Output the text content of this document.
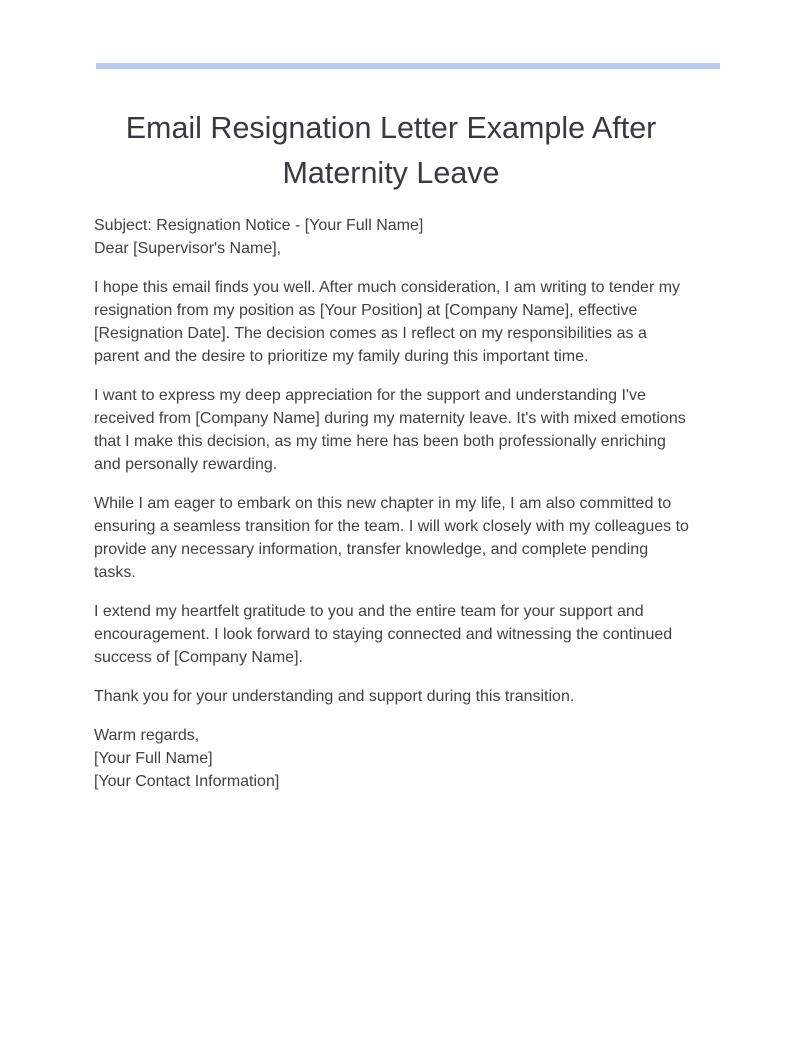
Email Resignation Letter Example After Maternity Leave

Subject: Resignation Notice - [Your Full Name]
Dear [Supervisor's Name],

I hope this email finds you well. After much consideration, I am writing to tender my resignation from my position as [Your Position] at [Company Name], effective [Resignation Date]. The decision comes as I reflect on my responsibilities as a parent and the desire to prioritize my family during this important time.

I want to express my deep appreciation for the support and understanding I've received from [Company Name] during my maternity leave. It's with mixed emotions that I make this decision, as my time here has been both professionally enriching and personally rewarding.

While I am eager to embark on this new chapter in my life, I am also committed to ensuring a seamless transition for the team. I will work closely with my colleagues to provide any necessary information, transfer knowledge, and complete pending tasks.

I extend my heartfelt gratitude to you and the entire team for your support and encouragement. I look forward to staying connected and witnessing the continued success of [Company Name].

Thank you for your understanding and support during this transition.

Warm regards,
[Your Full Name]
[Your Contact Information]
